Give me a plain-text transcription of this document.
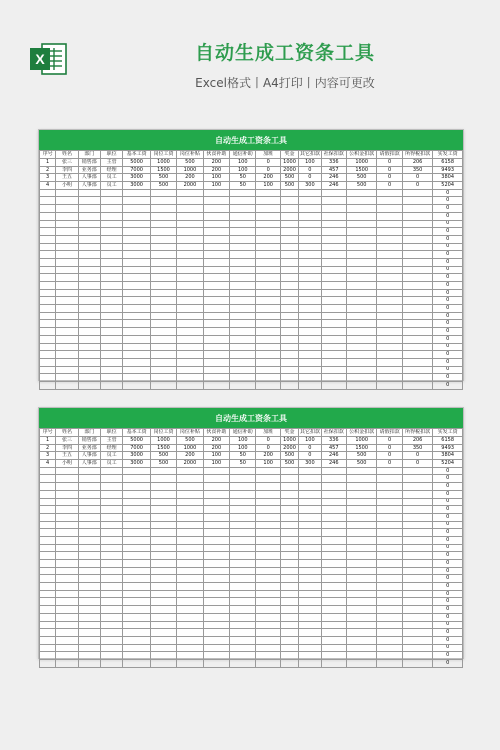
X	自动生成工资条工具
Excel格式丨A4打印丨内容可更改
自动生成工资条工具
序号	姓名	部门	职位	基本工资	岗位工资	岗位补贴	伙食补助	通信补助	加班	奖金	其它扣款	社保扣款	公积金扣款	请假扣款	所得税扣款	实发工资
1	张三	销售部	主管	5000	1000	500	200	100	0	1000	100	336	1000	0	206	6158
2	李四	业务部	经理	7000	1500	1000	200	100	0	2000	0	457	1500	0	350	9493
3	王五	人事部	员工	3000	500	200	100	50	200	500	0	246	500	0	0	3804
4	小明	人事部	员工	3000	500	2000	100	50	100	500	300	246	500	0	0	5204
																0
																0
																0
																0
																0
																0
																0
																0
																0
																0
																0
																0
																0
																0
																0
																0
																0
																0
																0
																0
																0
																0
																0
																0
																0
																0
自动生成工资条工具
序号	姓名	部门	职位	基本工资	岗位工资	岗位补贴	伙食补助	通信补助	加班	奖金	其它扣款	社保扣款	公积金扣款	请假扣款	所得税扣款	实发工资
1	张三	销售部	主管	5000	1000	500	200	100	0	1000	100	336	1000	0	206	6158
2	李四	业务部	经理	7000	1500	1000	200	100	0	2000	0	457	1500	0	350	9493
3	王五	人事部	员工	3000	500	200	100	50	200	500	0	246	500	0	0	3804
4	小明	人事部	员工	3000	500	2000	100	50	100	500	300	246	500	0	0	5204
																0
																0
																0
																0
																0
																0
																0
																0
																0
																0
																0
																0
																0
																0
																0
																0
																0
																0
																0
																0
																0
																0
																0
																0
																0
																0
